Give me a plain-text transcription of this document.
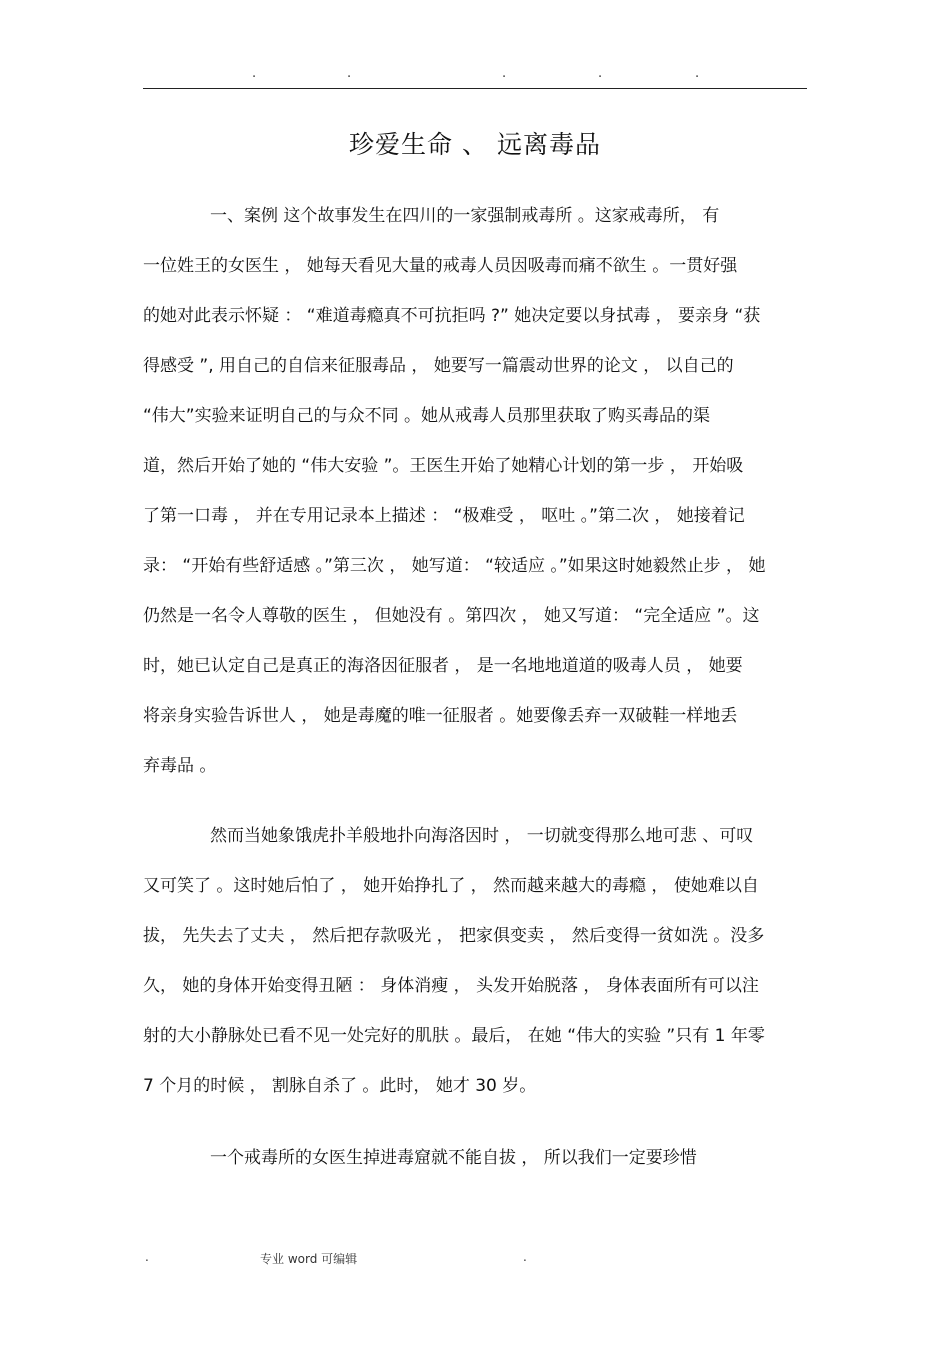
.	.	.	.	.
珍爱生命 、 远离毒品
一、案例 这个故事发生在四川的一家强制戒毒所 。这家戒毒所， 有
一位姓王的女医生 ， 她每天看见大量的戒毒人员因吸毒而痛不欲生 。一贯好强
的她对此表示怀疑 ： “难道毒瘾真不可抗拒吗 ?” 她决定要以身拭毒 ， 要亲身 “获
得感受 ”, 用自己的自信来征服毒品 ， 她要写一篇震动世界的论文 ， 以自己的
“伟大”实验来证明自己的与众不同 。她从戒毒人员那里获取了购买毒品的渠
道，然后开始了她的 “伟大安验 ”。王医生开始了她精心计划的第一步 ， 开始吸
了第一口毒 ， 并在专用记录本上描述 ： “极难受 ， 呕吐 。”第二次 ， 她接着记
录： “开始有些舒适感 。”第三次 ， 她写道： “较适应 。”如果这时她毅然止步 ， 她
仍然是一名令人尊敬的医生 ， 但她没有 。第四次 ， 她又写道： “完全适应 ”。这
时，她已认定自己是真正的海洛因征服者 ， 是一名地地道道的吸毒人员 ， 她要
将亲身实验告诉世人 ， 她是毒魔的唯一征服者 。她要像丢弃一双破鞋一样地丢
弃毒品 。
然而当她象饿虎扑羊般地扑向海洛因时 ， 一切就变得那么地可悲 、可叹
又可笑了 。这时她后怕了 ， 她开始挣扎了 ， 然而越来越大的毒瘾 ， 使她难以自
拔， 先失去了丈夫 ， 然后把存款吸光 ， 把家俱变卖 ， 然后变得一贫如洗 。没多
久， 她的身体开始变得丑陋 ： 身体消瘦 ， 头发开始脱落 ， 身体表面所有可以注
射的大小静脉处已看不见一处完好的肌肤 。最后， 在她 “伟大的实验 ”只有 1 年零
7 个月的时候 ， 割脉自杀了 。此时， 她才 30 岁。
一个戒毒所的女医生掉进毒窟就不能自拔 ， 所以我们一定要珍惜
.	专业 word 可编辑	.
